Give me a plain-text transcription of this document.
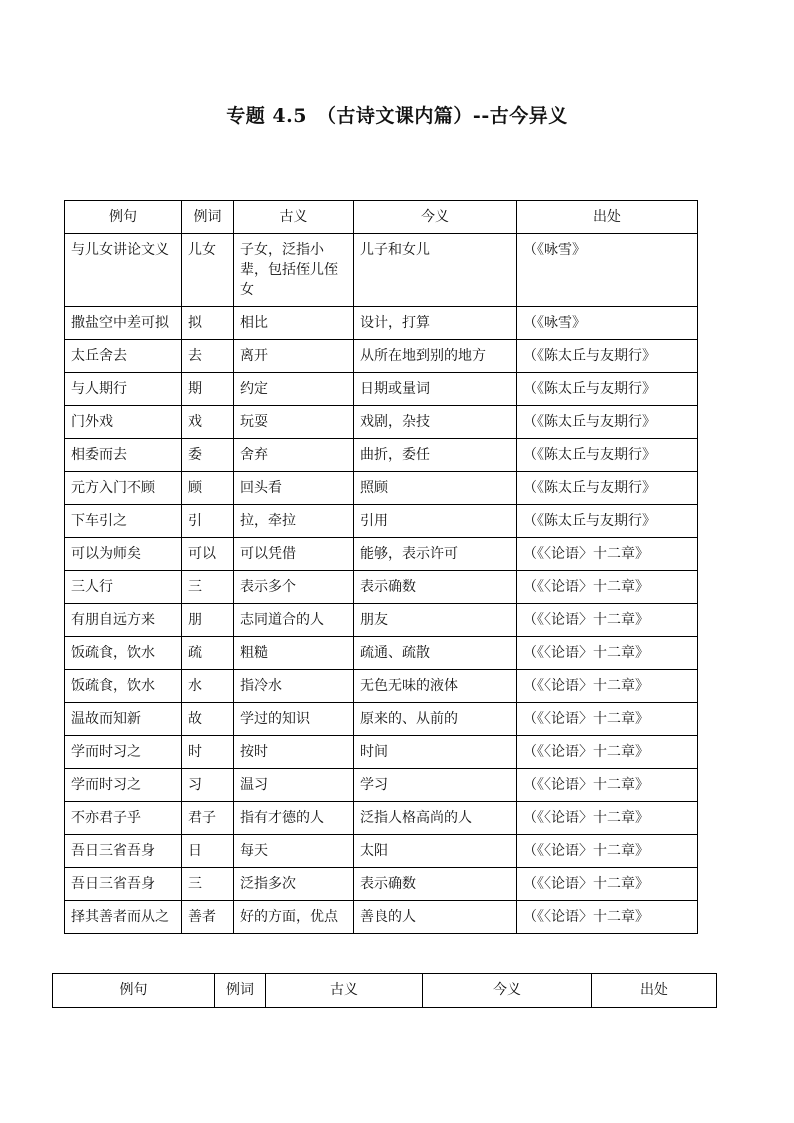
专题 4.5　（古诗文课内篇）--古今异义
例句	例词	古义	今义	出处
与儿女讲论文义	儿女	子女，泛指小辈，包括侄儿侄女	儿子和女儿	（《咏雪》
撒盐空中差可拟	拟	相比	设计，打算	（《咏雪》
太丘舍去	去	离开	从所在地到别的地方	（《陈太丘与友期行》
与人期行	期	约定	日期或量词	（《陈太丘与友期行》
门外戏	戏	玩耍	戏剧，杂技	（《陈太丘与友期行》
相委而去	委	舍弃	曲折，委任	（《陈太丘与友期行》
元方入门不顾	顾	回头看	照顾	（《陈太丘与友期行》
下车引之	引	拉，牵拉	引用	（《陈太丘与友期行》
可以为师矣	可以	可以凭借	能够，表示许可	（《〈论语〉十二章》
三人行	三	表示多个	表示确数	（《〈论语〉十二章》
有朋自远方来	朋	志同道合的人	朋友	（《〈论语〉十二章》
饭疏食，饮水	疏	粗糙	疏通、疏散	（《〈论语〉十二章》
饭疏食，饮水	水	指冷水	无色无味的液体	（《〈论语〉十二章》
温故而知新	故	学过的知识	原来的、从前的	（《〈论语〉十二章》
学而时习之	时	按时	时间	（《〈论语〉十二章》
学而时习之	习	温习	学习	（《〈论语〉十二章》
不亦君子乎	君子	指有才德的人	泛指人格高尚的人	（《〈论语〉十二章》
吾日三省吾身	日	每天	太阳	（《〈论语〉十二章》
吾日三省吾身	三	泛指多次	表示确数	（《〈论语〉十二章》
择其善者而从之	善者	好的方面，优点	善良的人	（《〈论语〉十二章》
例句	例词	古义	今义	出处
